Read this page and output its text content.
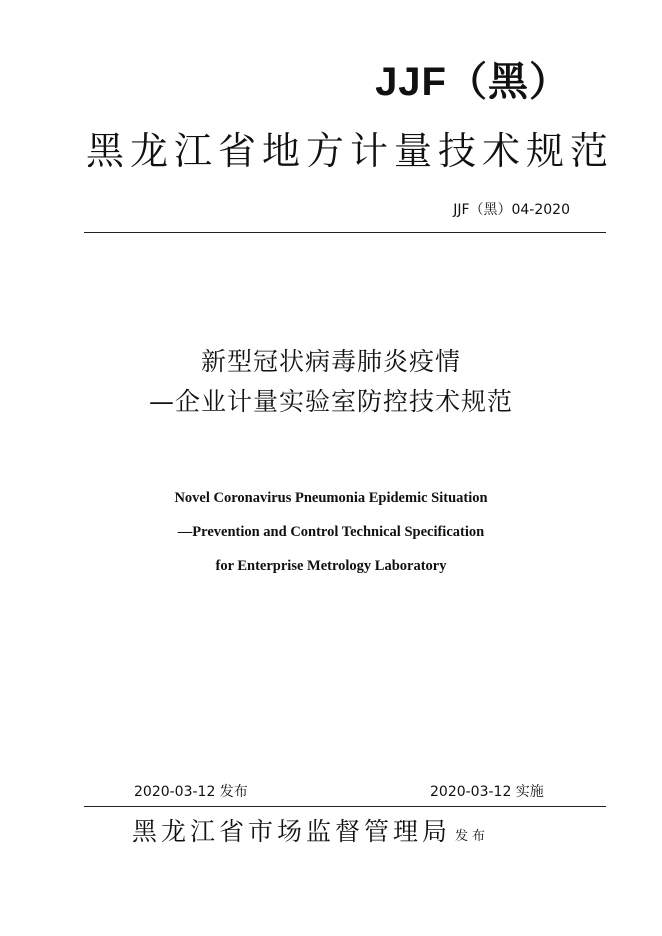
JJF（黑）
黑龙江省地方计量技术规范
JJF（黑）04-2020
新型冠状病毒肺炎疫情
—企业计量实验室防控技术规范
Novel Coronavirus Pneumonia Epidemic Situation
—Prevention and Control Technical Specification
for Enterprise Metrology Laboratory
2020-03-12 发布	2020-03-12 实施
黑龙江省市场监督管理局 发布
